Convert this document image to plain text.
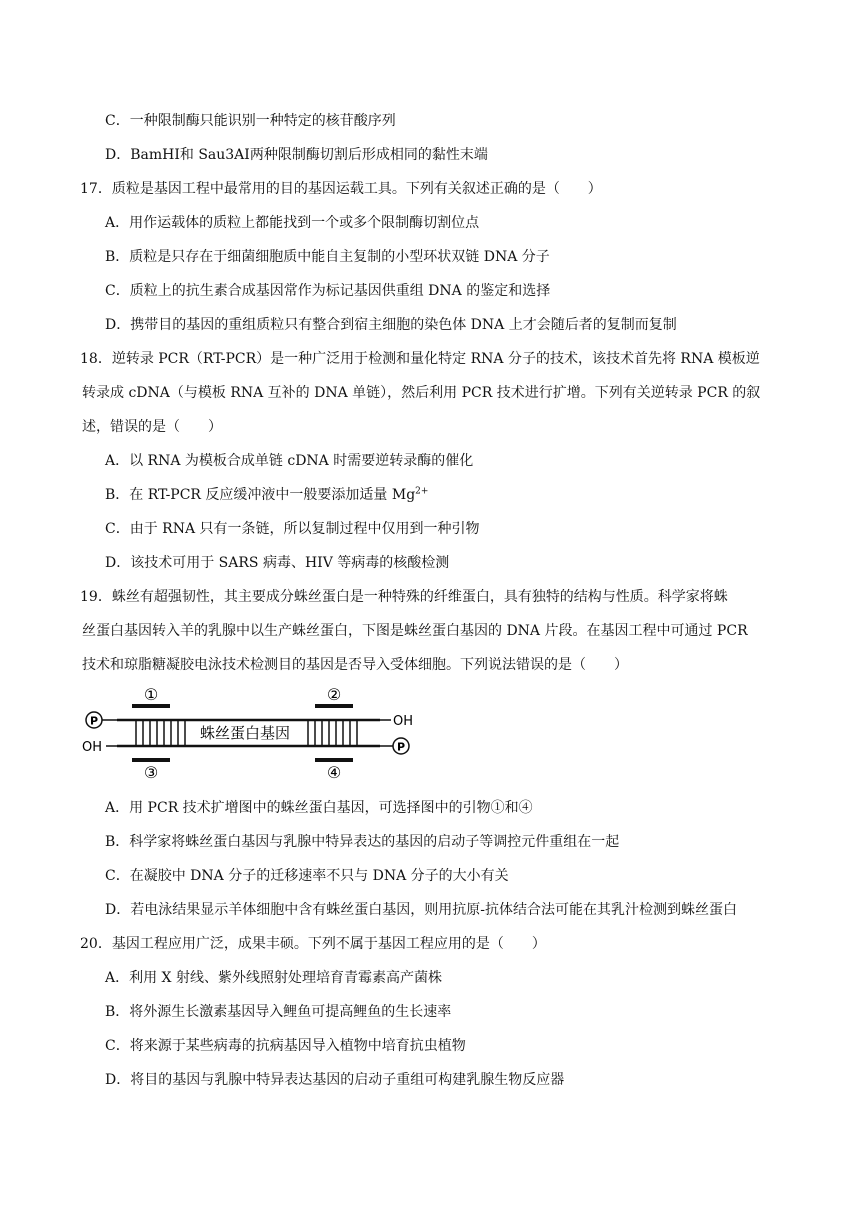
C．一种限制酶只能识别一种特定的核苷酸序列
D．BamHⅠ和 Sau3AⅠ两种限制酶切割后形成相同的黏性末端
17．质粒是基因工程中最常用的目的基因运载工具。下列有关叙述正确的是（　　）
A．用作运载体的质粒上都能找到一个或多个限制酶切割位点
B．质粒是只存在于细菌细胞质中能自主复制的小型环状双链 DNA 分子
C．质粒上的抗生素合成基因常作为标记基因供重组 DNA 的鉴定和选择
D．携带目的基因的重组质粒只有整合到宿主细胞的染色体 DNA 上才会随后者的复制而复制
18．逆转录 PCR（RT-PCR）是一种广泛用于检测和量化特定 RNA 分子的技术，该技术首先将 RNA 模板逆
转录成 cDNA（与模板 RNA 互补的 DNA 单链），然后利用 PCR 技术进行扩增。下列有关逆转录 PCR 的叙
述，错误的是（　　）
A．以 RNA 为模板合成单链 cDNA 时需要逆转录酶的催化
B．在 RT-PCR 反应缓冲液中一般要添加适量 $Mg^{2+}$
C．由于 RNA 只有一条链，所以复制过程中仅用到一种引物
D．该技术可用于 SARS 病毒、HIV 等病毒的核酸检测
19．蛛丝有超强韧性，其主要成分蛛丝蛋白是一种特殊的纤维蛋白，具有独特的结构与性质。科学家将蛛
丝蛋白基因转入羊的乳腺中以生产蛛丝蛋白，下图是蛛丝蛋白基因的 DNA 片段。在基因工程中可通过 PCR
技术和琼脂糖凝胶电泳技术检测目的基因是否导入受体细胞。下列说法错误的是（　　）
①	②
③	④
P
P
OH
OH
蛛丝蛋白基因
A．用 PCR 技术扩增图中的蛛丝蛋白基因，可选择图中的引物①和④
B．科学家将蛛丝蛋白基因与乳腺中特异表达的基因的启动子等调控元件重组在一起
C．在凝胶中 DNA 分子的迁移速率不只与 DNA 分子的大小有关
D．若电泳结果显示羊体细胞中含有蛛丝蛋白基因，则用抗原-抗体结合法可能在其乳汁检测到蛛丝蛋白
20．基因工程应用广泛，成果丰硕。下列不属于基因工程应用的是（　　）
A．利用 X 射线、紫外线照射处理培育青霉素高产菌株
B．将外源生长激素基因导入鲤鱼可提高鲤鱼的生长速率
C．将来源于某些病毒的抗病基因导入植物中培育抗虫植物
D．将目的基因与乳腺中特异表达基因的启动子重组可构建乳腺生物反应器
